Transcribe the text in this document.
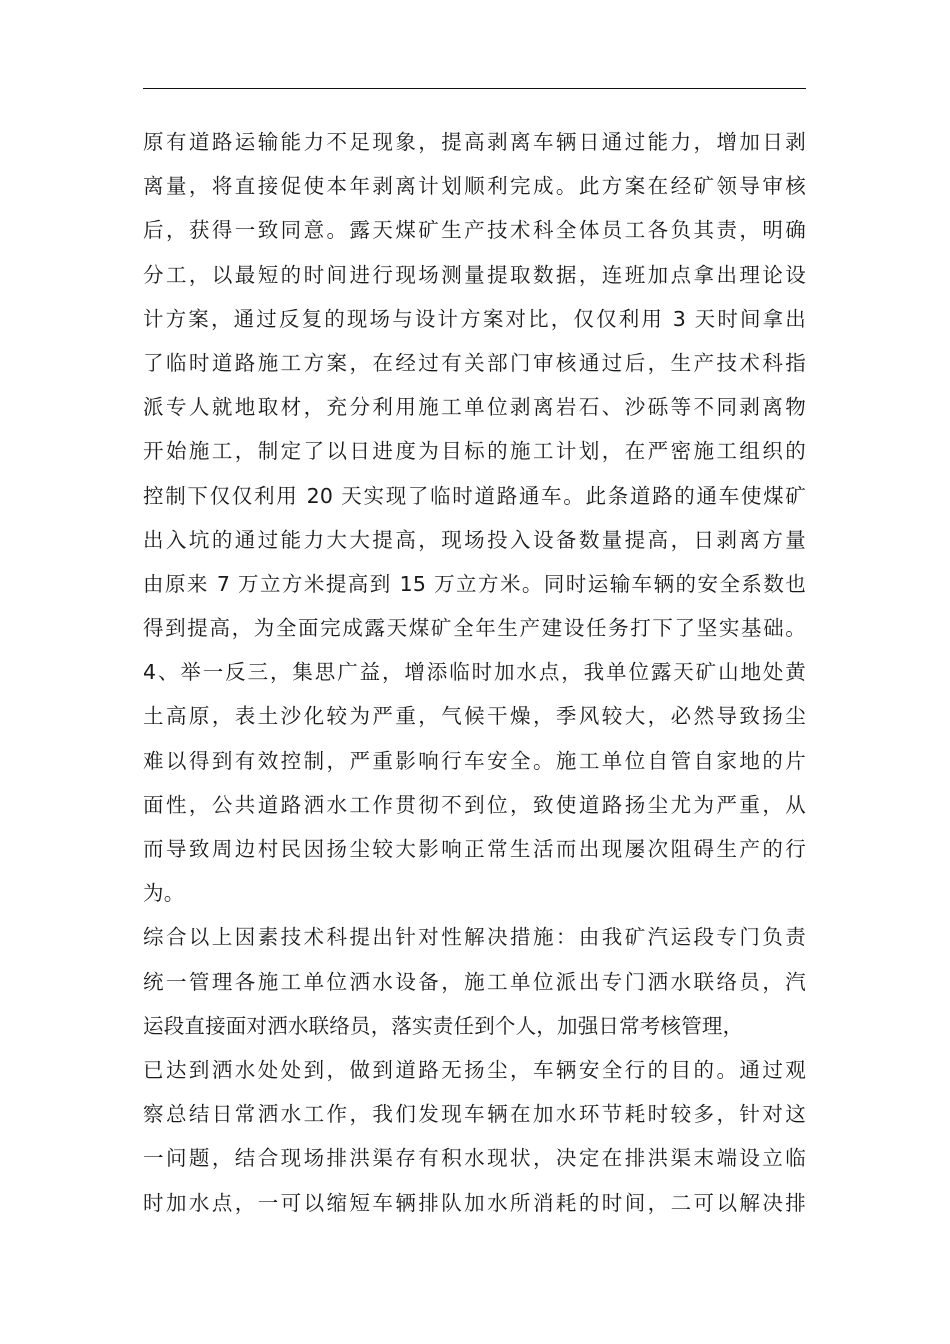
原有道路运输能力不足现象，提高剥离车辆日通过能力，增加日剥
离量，将直接促使本年剥离计划顺利完成。此方案在经矿领导审核
后，获得一致同意。露天煤矿生产技术科全体员工各负其责，明确
分工，以最短的时间进行现场测量提取数据，连班加点拿出理论设
计方案，通过反复的现场与设计方案对比，仅仅利用 3 天时间拿出
了临时道路施工方案，在经过有关部门审核通过后，生产技术科指
派专人就地取材，充分利用施工单位剥离岩石、沙砾等不同剥离物
开始施工，制定了以日进度为目标的施工计划，在严密施工组织的
控制下仅仅利用 20 天实现了临时道路通车。此条道路的通车使煤矿
出入坑的通过能力大大提高，现场投入设备数量提高，日剥离方量
由原来 7 万立方米提高到 15 万立方米。同时运输车辆的安全系数也
得到提高，为全面完成露天煤矿全年生产建设任务打下了坚实基础。
4、举一反三，集思广益，增添临时加水点，我单位露天矿山地处黄
土高原，表土沙化较为严重，气候干燥，季风较大，必然导致扬尘
难以得到有效控制，严重影响行车安全。施工单位自管自家地的片
面性，公共道路洒水工作贯彻不到位，致使道路扬尘尤为严重，从
而导致周边村民因扬尘较大影响正常生活而出现屡次阻碍生产的行
为。
综合以上因素技术科提出针对性解决措施：由我矿汽运段专门负责
统一管理各施工单位洒水设备，施工单位派出专门洒水联络员，汽
运段直接面对洒水联络员，落实责任到个人，加强日常考核管理，
已达到洒水处处到，做到道路无扬尘，车辆安全行的目的。通过观
察总结日常洒水工作，我们发现车辆在加水环节耗时较多，针对这
一问题，结合现场排洪渠存有积水现状，决定在排洪渠末端设立临
时加水点，一可以缩短车辆排队加水所消耗的时间，二可以解决排
